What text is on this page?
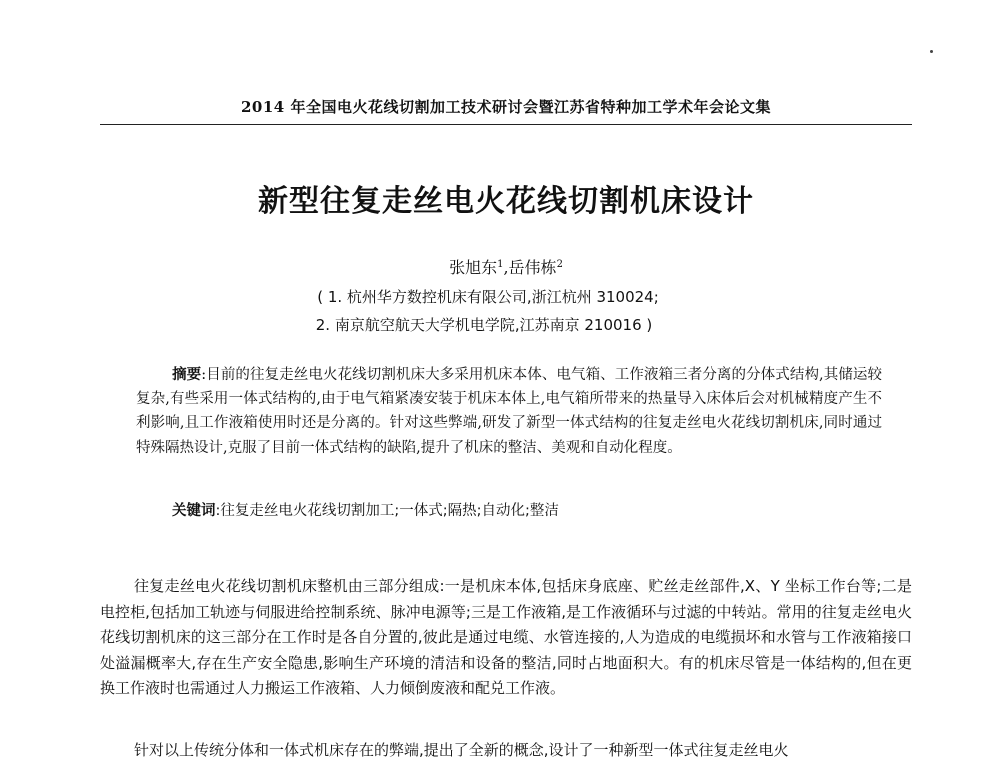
2014 年全国电火花线切割加工技术研讨会暨江苏省特种加工学术年会论文集
新型往复走丝电火花线切割机床设计
张旭东$^1$,岳伟栋$^2$
( 1. 杭州华方数控机床有限公司,浙江杭州 310024;
2. 南京航空航天大学机电学院,江苏南京 210016 )
摘要:目前的往复走丝电火花线切割机床大多采用机床本体、电气箱、工作液箱三者分离的分体式结构,其储运较复杂,有些采用一体式结构的,由于电气箱紧凑安装于机床本体上,电气箱所带来的热量导入床体后会对机械精度产生不利影响,且工作液箱使用时还是分离的。针对这些弊端,研发了新型一体式结构的往复走丝电火花线切割机床,同时通过特殊隔热设计,克服了目前一体式结构的缺陷,提升了机床的整洁、美观和自动化程度。
关键词:往复走丝电火花线切割加工;一体式;隔热;自动化;整洁

往复走丝电火花线切割机床整机由三部分组成:一是机床本体,包括床身底座、贮丝走丝部件,X、Y 坐标工作台等;二是电控柜,包括加工轨迹与伺服进给控制系统、脉冲电源等;三是工作液箱,是工作液循环与过滤的中转站。常用的往复走丝电火花线切割机床的这三部分在工作时是各自分置的,彼此是通过电缆、水管连接的,人为造成的电缆损坏和水管与工作液箱接口处溢漏概率大,存在生产安全隐患,影响生产环境的清洁和设备的整洁,同时占地面积大。有的机床尽管是一体结构的,但在更换工作液时也需通过人力搬运工作液箱、人力倾倒废液和配兑工作液。

针对以上传统分体和一体式机床存在的弊端,提出了全新的概念,设计了一种新型一体式往复走丝电火
